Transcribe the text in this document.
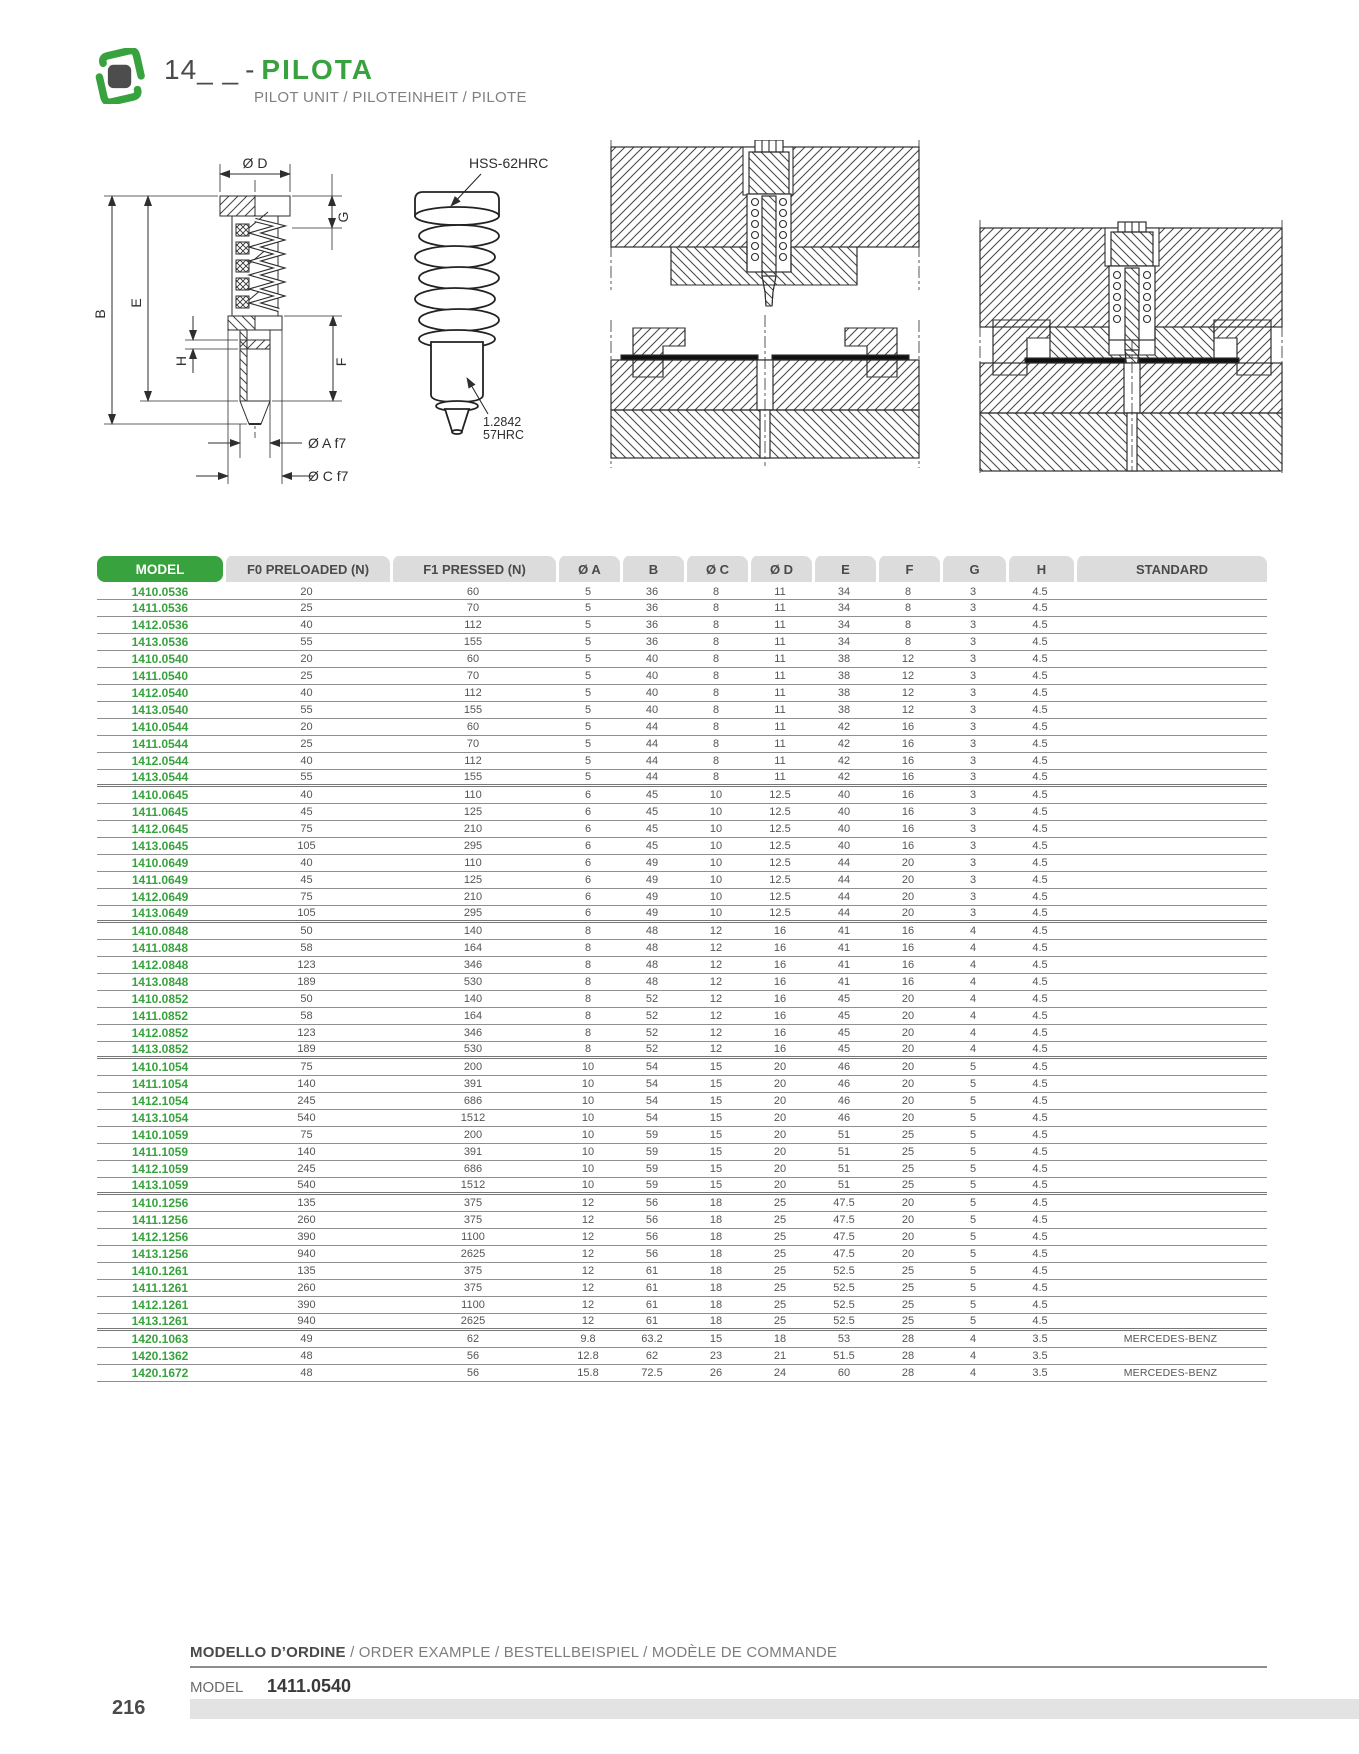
14_ _ - PILOTA
PILOT UNIT / PILOTEINHEIT / PILOTE
Ø D
G
B
E
H	F
Ø A f7
Ø C f7
HSS-62HRC
1.2842
57HRC
MODEL	F0 PRELOADED (N)	F1 PRESSED (N)	Ø A	B	Ø C	Ø D	E	F	G	H	STANDARD
1410.0536	20	60	5	36	8	11	34	8	3	4.5	
1411.0536	25	70	5	36	8	11	34	8	3	4.5	
1412.0536	40	112	5	36	8	11	34	8	3	4.5	
1413.0536	55	155	5	36	8	11	34	8	3	4.5	
1410.0540	20	60	5	40	8	11	38	12	3	4.5	
1411.0540	25	70	5	40	8	11	38	12	3	4.5	
1412.0540	40	112	5	40	8	11	38	12	3	4.5	
1413.0540	55	155	5	40	8	11	38	12	3	4.5	
1410.0544	20	60	5	44	8	11	42	16	3	4.5	
1411.0544	25	70	5	44	8	11	42	16	3	4.5	
1412.0544	40	112	5	44	8	11	42	16	3	4.5	
1413.0544	55	155	5	44	8	11	42	16	3	4.5	
1410.0645	40	110	6	45	10	12.5	40	16	3	4.5	
1411.0645	45	125	6	45	10	12.5	40	16	3	4.5	
1412.0645	75	210	6	45	10	12.5	40	16	3	4.5	
1413.0645	105	295	6	45	10	12.5	40	16	3	4.5	
1410.0649	40	110	6	49	10	12.5	44	20	3	4.5	
1411.0649	45	125	6	49	10	12.5	44	20	3	4.5	
1412.0649	75	210	6	49	10	12.5	44	20	3	4.5	
1413.0649	105	295	6	49	10	12.5	44	20	3	4.5	
1410.0848	50	140	8	48	12	16	41	16	4	4.5	
1411.0848	58	164	8	48	12	16	41	16	4	4.5	
1412.0848	123	346	8	48	12	16	41	16	4	4.5	
1413.0848	189	530	8	48	12	16	41	16	4	4.5	
1410.0852	50	140	8	52	12	16	45	20	4	4.5	
1411.0852	58	164	8	52	12	16	45	20	4	4.5	
1412.0852	123	346	8	52	12	16	45	20	4	4.5	
1413.0852	189	530	8	52	12	16	45	20	4	4.5	
1410.1054	75	200	10	54	15	20	46	20	5	4.5	
1411.1054	140	391	10	54	15	20	46	20	5	4.5	
1412.1054	245	686	10	54	15	20	46	20	5	4.5	
1413.1054	540	1512	10	54	15	20	46	20	5	4.5	
1410.1059	75	200	10	59	15	20	51	25	5	4.5	
1411.1059	140	391	10	59	15	20	51	25	5	4.5	
1412.1059	245	686	10	59	15	20	51	25	5	4.5	
1413.1059	540	1512	10	59	15	20	51	25	5	4.5	
1410.1256	135	375	12	56	18	25	47.5	20	5	4.5	
1411.1256	260	375	12	56	18	25	47.5	20	5	4.5	
1412.1256	390	1100	12	56	18	25	47.5	20	5	4.5	
1413.1256	940	2625	12	56	18	25	47.5	20	5	4.5	
1410.1261	135	375	12	61	18	25	52.5	25	5	4.5	
1411.1261	260	375	12	61	18	25	52.5	25	5	4.5	
1412.1261	390	1100	12	61	18	25	52.5	25	5	4.5	
1413.1261	940	2625	12	61	18	25	52.5	25	5	4.5	
1420.1063	49	62	9.8	63.2	15	18	53	28	4	3.5	MERCEDES-BENZ
1420.1362	48	56	12.8	62	23	21	51.5	28	4	3.5	
1420.1672	48	56	15.8	72.5	26	24	60	28	4	3.5	MERCEDES-BENZ
MODELLO D’ORDINE / ORDER EXAMPLE / BESTELLBEISPIEL / MODÈLE DE COMMANDE
MODEL 1411.0540
216
